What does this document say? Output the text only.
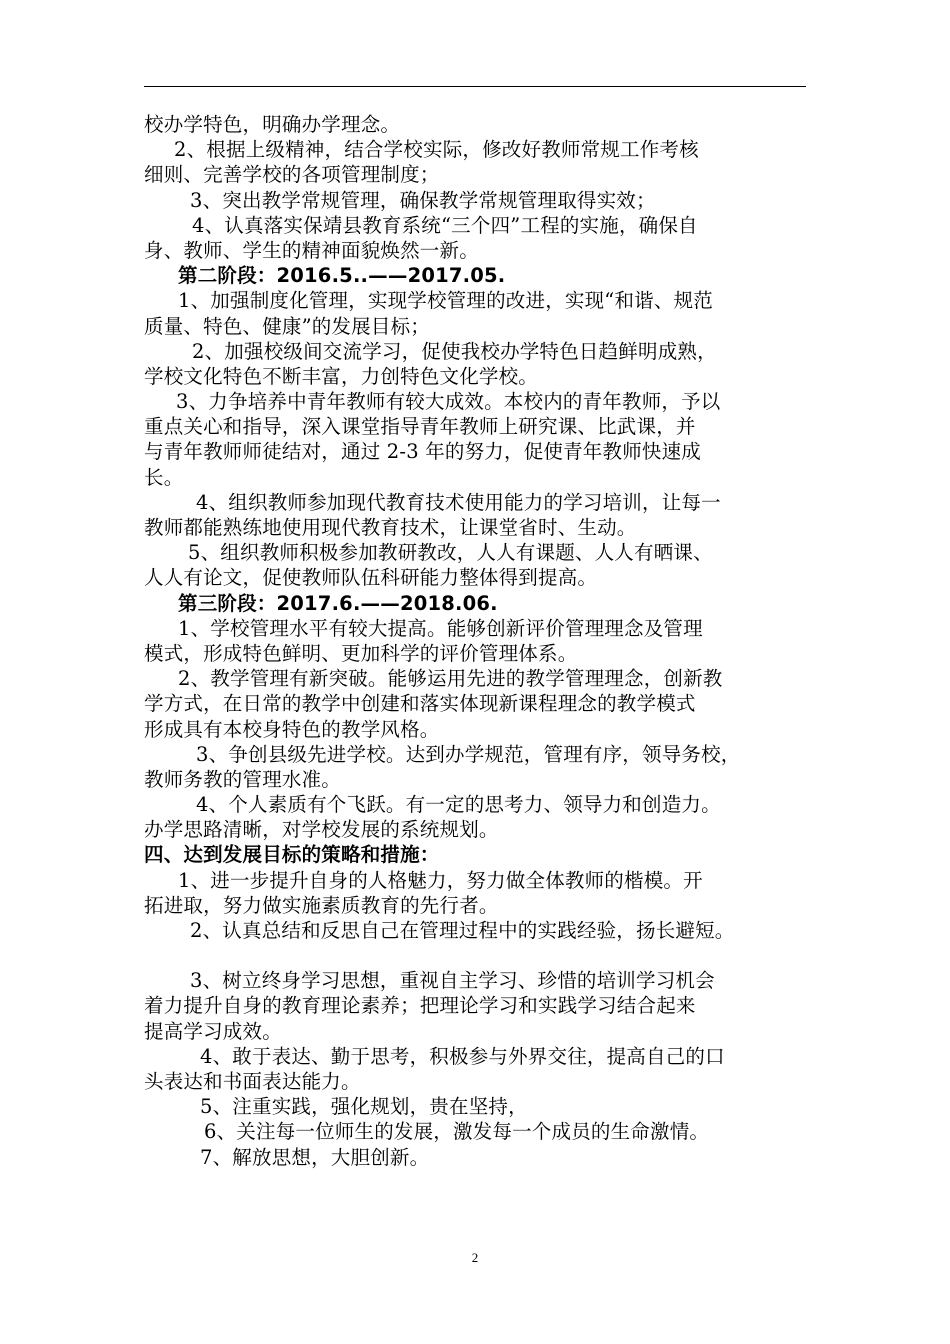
校办学特色，明确办学理念。
2、根据上级精神，结合学校实际，修改好教师常规工作考核
细则、完善学校的各项管理制度；
3、突出教学常规管理，确保教学常规管理取得实效；
4、认真落实保靖县教育系统“三个四”工程的实施，确保自
身、教师、学生的精神面貌焕然一新。
第二阶段：2016.5..——2017.05.
1、加强制度化管理，实现学校管理的改进，实现“和谐、规范
质量、特色、健康”的发展目标；
2、加强校级间交流学习，促使我校办学特色日趋鲜明成熟，
学校文化特色不断丰富，力创特色文化学校。
3、力争培养中青年教师有较大成效。本校内的青年教师，予以
重点关心和指导，深入课堂指导青年教师上研究课、比武课，并
与青年教师师徒结对，通过 2-3 年的努力，促使青年教师快速成
长。
4、组织教师参加现代教育技术使用能力的学习培训，让每一
教师都能熟练地使用现代教育技术，让课堂省时、生动。
5、组织教师积极参加教研教改，人人有课题、人人有晒课、
人人有论文，促使教师队伍科研能力整体得到提高。
第三阶段：2017.6.——2018.06.
1、学校管理水平有较大提高。能够创新评价管理理念及管理
模式，形成特色鲜明、更加科学的评价管理体系。
2、教学管理有新突破。能够运用先进的教学管理理念，创新教
学方式，在日常的教学中创建和落实体现新课程理念的教学模式
形成具有本校身特色的教学风格。
3、争创县级先进学校。达到办学规范，管理有序，领导务校，
教师务教的管理水准。
4、个人素质有个飞跃。有一定的思考力、领导力和创造力。
办学思路清晰，对学校发展的系统规划。
四、达到发展目标的策略和措施：
1、进一步提升自身的人格魅力，努力做全体教师的楷模。开
拓进取，努力做实施素质教育的先行者。
2、认真总结和反思自己在管理过程中的实践经验，扬长避短。
3、树立终身学习思想，重视自主学习、珍惜的培训学习机会
着力提升自身的教育理论素养；把理论学习和实践学习结合起来
提高学习成效。
4、敢于表达、勤于思考，积极参与外界交往，提高自己的口
头表达和书面表达能力。
5、注重实践，强化规划，贵在坚持，
6、关注每一位师生的发展，激发每一个成员的生命激情。
7、解放思想，大胆创新。
2
